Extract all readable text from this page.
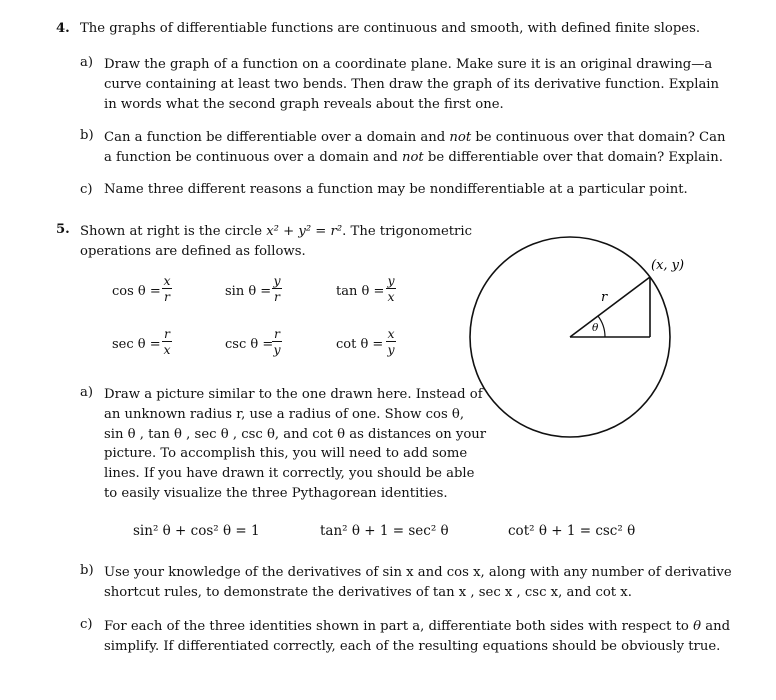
4. The graphs of differentiable functions are continuous and smooth, with defined finite slopes.
a) Draw the graph of a function on a coordinate plane. Make sure it is an original drawing—a

curve containing at least two bends. Then draw the graph of its derivative function. Explain

in words what the second graph reveals about the first one.

b) Can a function be differentiable over a domain and not be continuous over that domain? Can

a function be continuous over a domain and not be differentiable over that domain? Explain.

c) Name three different reasons a function may be nondifferentiable at a particular point.
5. Shown at right is the circle x² + y² = r². The trigonometric

operations are defined as follows.

cos θ =
x
r	sin θ =
y
r	tan θ =
y
x
sec θ =
r
x	csc θ =
r
y	cot θ =
x
y
(x, y)
r
θ
a) Draw a picture similar to the one drawn here. Instead of

an unknown radius r, use a radius of one. Show cos θ,

sin θ , tan θ , sec θ , csc θ, and cot θ as distances on your

picture. To accomplish this, you will need to add some

lines. If you have drawn it correctly, you should be able

to easily visualize the three Pythagorean identities.

sin² θ + cos² θ = 1	tan² θ + 1 = sec² θ	cot² θ + 1 = csc² θ
b) Use your knowledge of the derivatives of sin x and cos x, along with any number of derivative

shortcut rules, to demonstrate the derivatives of tan x , sec x , csc x, and cot x.

c) For each of the three identities shown in part a, differentiate both sides with respect to θ and

simplify. If differentiated correctly, each of the resulting equations should be obviously true.
